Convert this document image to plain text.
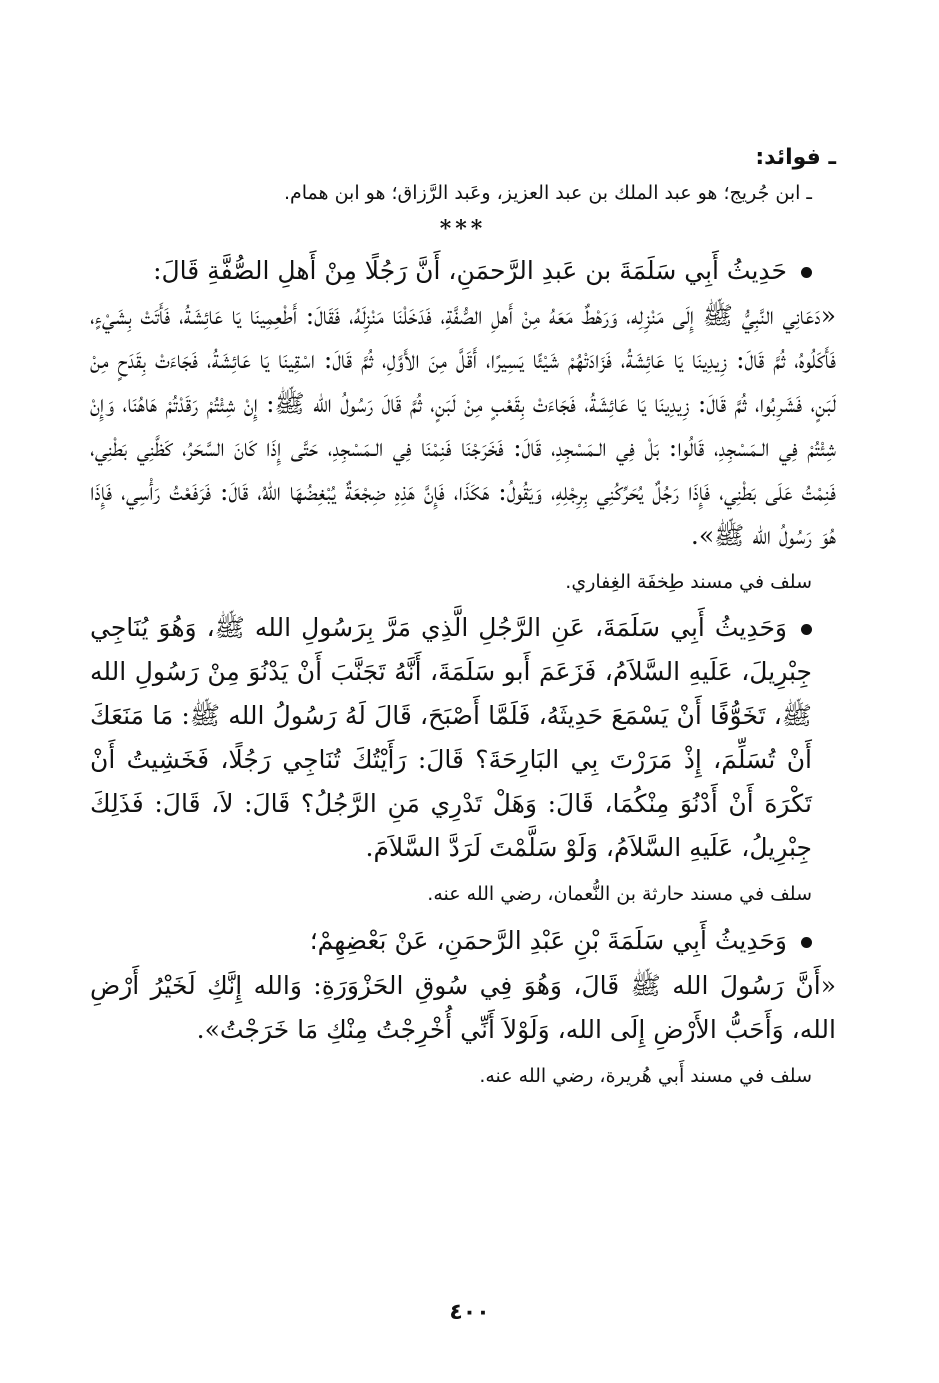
ـ فوائد:

ـ ابن جُريج؛ هو عبد الملك بن عبد العزيز، وعَبد الرَّزاق؛ هو ابن همام.

***

حَدِيثُ أَبِي سَلَمَةَ بن عَبدِ الرَّحمَنِ، أَنَّ رَجُلًا مِنْ أَهلِ الصُّفَّةِ قَالَ:

«دَعَانِي النَّبِيُّ ﷺ إِلَى مَنْزِلِه، وَرَهْطٌ مَعَهُ مِنْ أَهلِ الصُّفَّةِ، فَدَخَلْنَا مَنْزِلَهُ، فَقَالَ: أَطْعِمِينَا يَا عَائِشَةُ، فَأَتَتْ بِشَيْءٍ، فَأَكَلُوهُ، ثُمَّ قَالَ: زِيدِينَا يَا عَائِشَةُ، فَزَادَتْهُمْ شَيْئًا يَسِيرًا، أَقَلَّ مِنَ الأَوَّلِ، ثُمَّ قَالَ: اسْقِينَا يَا عَائِشَةُ، فَجَاءَتْ بِقَدَحٍ مِنْ لَبَنٍ، فَشَرِبُوا، ثُمَّ قَالَ: زِيدِينَا يَا عَائِشَةُ، فَجَاءَتْ بِقَعْبٍ مِنْ لَبَنٍ، ثُمَّ قَالَ رَسُولُ الله ﷺ: إِنْ شِئْتُمْ رَقَدْتُمْ هَاهُنَا، وَإِنْ شِئْتُمْ فِي الـمَسْجِدِ، قَالُوا: بَلْ فِي الـمَسْجِدِ، قَالَ: فَخَرَجْنَا فَنِمْنَا فِي الـمَسْجِدِ، حَتَّى إِذَا كَانَ السَّحَرُ، كَظَّنِي بَطْنِي، فَنِمْتُ عَلَى بَطْنِي، فَإِذَا رَجُلٌ يُحَرِّكُنِي بِرِجْلِهِ، وَيَقُولُ: هَكَذَا، فَإِنَّ هَذِهِ ضِجْعَةٌ يُبْغِضُهَا اللهُ، قَالَ: فَرَفَعْتُ رَأْسِي، فَإِذَا هُوَ رَسُولُ الله ﷺ».

سلف في مسند طِخفَة الغِفاري.

وَحَدِيثُ أَبِي سَلَمَةَ، عَنِ الرَّجُلِ الَّذِي مَرَّ بِرَسُولِ الله ﷺ، وَهُوَ يُنَاجِي جِبْرِيلَ، عَلَيهِ السَّلاَمُ، فَزَعَمَ أَبو سَلَمَةَ، أَنَّهُ تَجَنَّبَ أَنْ يَدْنُوَ مِنْ رَسُولِ الله ﷺ، تَخَوُّفًا أَنْ يَسْمَعَ حَدِيثَهُ، فَلَمَّا أَصْبَحَ، قَالَ لَهُ رَسُولُ الله ﷺ: مَا مَنَعَكَ أَنْ تُسَلِّمَ، إِذْ مَرَرْتَ بِي البَارِحَةَ؟ قَالَ: رَأَيْتُكَ تُنَاجِي رَجُلًا، فَخَشِيتُ أَنْ تَكْرَهَ أَنْ أَدْنُوَ مِنْكُمَا، قَالَ: وَهَلْ تَدْرِي مَنِ الرَّجُلُ؟ قَالَ: لاَ، قَالَ: فَذَلِكَ جِبْرِيلُ، عَلَيهِ السَّلاَمُ، وَلَوْ سَلَّمْتَ لَرَدَّ السَّلاَمَ.

سلف في مسند حارثة بن النُّعمان، رضي الله عنه.

وَحَدِيثُ أَبِي سَلَمَةَ بْنِ عَبْدِ الرَّحمَنِ، عَنْ بَعْضِهِمْ؛

«أَنَّ رَسُولَ الله ﷺ قَالَ، وَهُوَ فِي سُوقِ الحَزْوَرَةِ: وَالله إِنَّكِ لَخَيْرُ أَرْضِ الله، وَأَحَبُّ الأَرْضِ إِلَى الله، وَلَوْلاَ أَنِّي أُخْرِجْتُ مِنْكِ مَا خَرَجْتُ».

سلف في مسند أَبي هُريرة، رضي الله عنه.

٤٠٠
